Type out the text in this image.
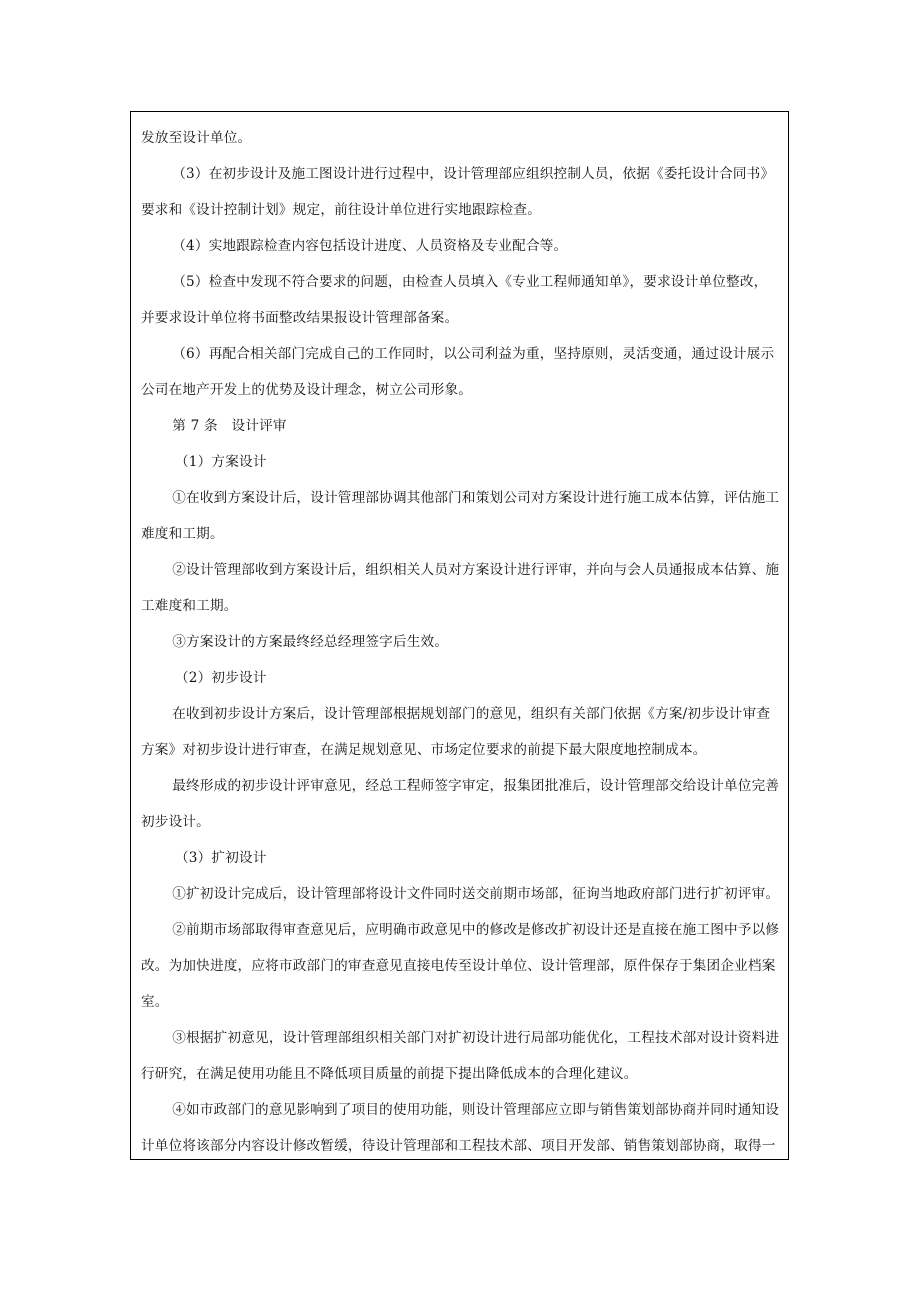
发放至设计单位。

（3）在初步设计及施工图设计进行过程中，设计管理部应组织控制人员，依据《委托设计合同书》要求和《设计控制计划》规定，前往设计单位进行实地跟踪检查。

（4）实地跟踪检查内容包括设计进度、人员资格及专业配合等。

（5）检查中发现不符合要求的问题，由检查人员填入《专业工程师通知单》，要求设计单位整改，并要求设计单位将书面整改结果报设计管理部备案。

（6）再配合相关部门完成自己的工作同时，以公司利益为重，坚持原则，灵活变通，通过设计展示公司在地产开发上的优势及设计理念，树立公司形象。

第 7 条　设计评审

（1）方案设计

①在收到方案设计后，设计管理部协调其他部门和策划公司对方案设计进行施工成本估算，评估施工难度和工期。

②设计管理部收到方案设计后，组织相关人员对方案设计进行评审，并向与会人员通报成本估算、施工难度和工期。

③方案设计的方案最终经总经理签字后生效。

（2）初步设计

在收到初步设计方案后，设计管理部根据规划部门的意见，组织有关部门依据《方案/初步设计审查方案》对初步设计进行审查，在满足规划意见、市场定位要求的前提下最大限度地控制成本。

最终形成的初步设计评审意见，经总工程师签字审定，报集团批准后，设计管理部交给设计单位完善初步设计。

（3）扩初设计

①扩初设计完成后，设计管理部将设计文件同时送交前期市场部，征询当地政府部门进行扩初评审。

②前期市场部取得审查意见后，应明确市政意见中的修改是修改扩初设计还是直接在施工图中予以修改。为加快进度，应将市政部门的审查意见直接电传至设计单位、设计管理部，原件保存于集团企业档案室。

③根据扩初意见，设计管理部组织相关部门对扩初设计进行局部功能优化，工程技术部对设计资料进行研究，在满足使用功能且不降低项目质量的前提下提出降低成本的合理化建议。

④如市政部门的意见影响到了项目的使用功能，则设计管理部应立即与销售策划部协商并同时通知设计单位将该部分内容设计修改暂缓，待设计管理部和工程技术部、项目开发部、销售策划部协商，取得一
